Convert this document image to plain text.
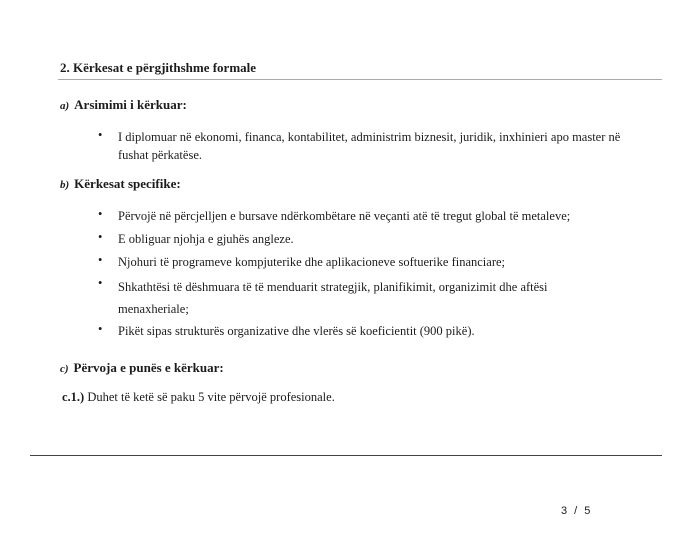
2. Kërkesat e përgjithshme formale
a) Arsimimi i kërkuar:
• I diplomuar në ekonomi, financa, kontabilitet, administrim biznesit, juridik, inxhinieri apo master në fushat përkatëse.
b) Kërkesat specifike:
• Përvojë në përcjelljen e bursave ndërkombëtare në veçanti atë të tregut global të metaleve;
• E obliguar njohja e gjuhës angleze.
• Njohuri të programeve kompjuterike dhe aplikacioneve softuerike financiare;
• Shkathtësi të dëshmuara të të menduarit strategjik, planifikimit, organizimit dhe aftësi menaxheriale;
• Pikët sipas strukturës organizative dhe vlerës së koeficientit (900 pikë).
c) Përvoja e punës e kërkuar:
c.1.) Duhet të ketë së paku 5 vite përvojë profesionale.
3 / 5
